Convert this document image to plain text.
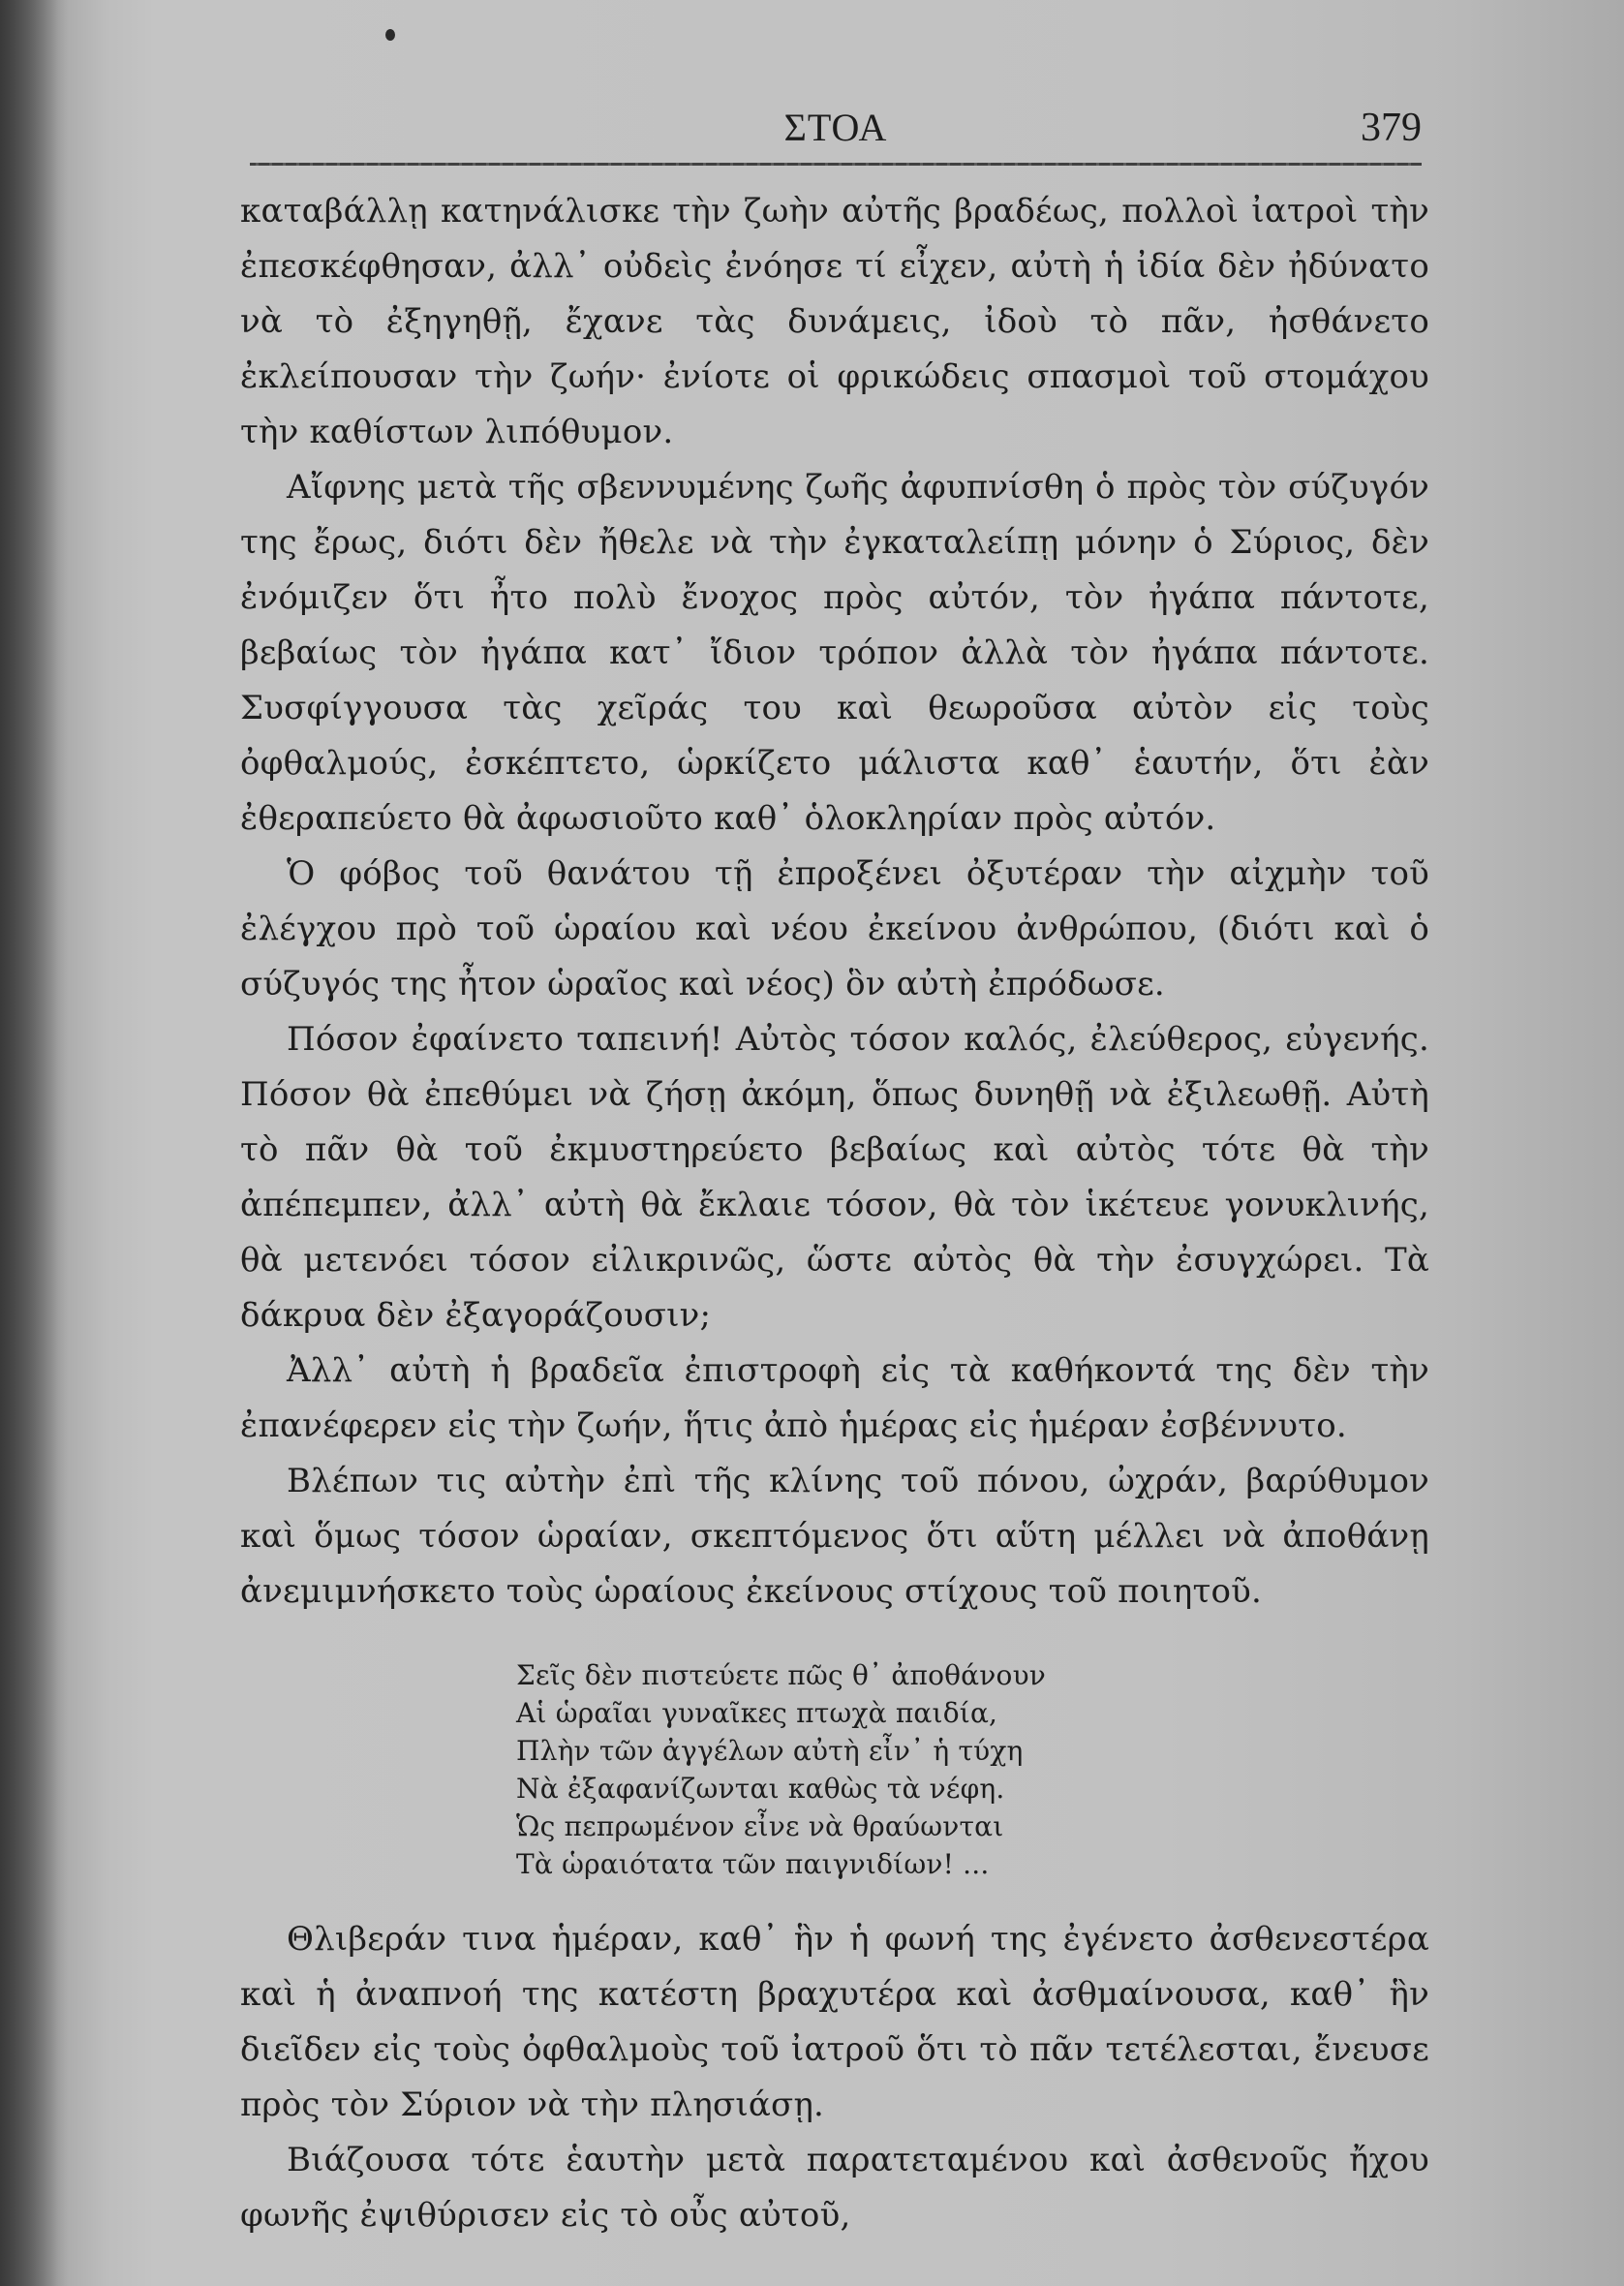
ΣΤΟΑ	379

καταβάλλῃ κατηνάλισκε τὴν ζωὴν αὐτῆς βραδέως, πολλοὶ ἰατροὶ τὴν ἐπεσκέφθησαν, ἀλλ᾽ οὐδεὶς ἐνόησε τί εἶχεν, αὐτὴ ἡ ἰδία δὲν ἠδύνατο νὰ τὸ ἐξηγηθῇ, ἔχανε τὰς δυνάμεις, ἰδοὺ τὸ πᾶν, ἠσθάνετο ἐκλείπουσαν τὴν ζωήν· ἐνίοτε οἱ φρικώδεις σπασμοὶ τοῦ στομάχου τὴν καθίστων λιπόθυμον.

Αἴφνης μετὰ τῆς σβεννυμένης ζωῆς ἀφυπνίσθη ὁ πρὸς τὸν σύζυγόν της ἔρως, διότι δὲν ἤθελε νὰ τὴν ἐγκαταλείπῃ μόνην ὁ Σύριος, δὲν ἐνόμιζεν ὅτι ἦτο πολὺ ἔνοχος πρὸς αὐτόν, τὸν ἠγάπα πάντοτε, βεβαίως τὸν ἠγάπα κατ᾽ ἴδιον τρόπον ἀλλὰ τὸν ἠγάπα πάντοτε. Συσφίγγουσα τὰς χεῖράς του καὶ θεωροῦσα αὐτὸν εἰς τοὺς ὀφθαλμούς, ἐσκέπτετο, ὡρκίζετο μάλιστα καθ᾽ ἑαυτήν, ὅτι ἐὰν ἐθεραπεύετο θὰ ἀφωσιοῦτο καθ᾽ ὁλοκληρίαν πρὸς αὐτόν.

Ὁ φόβος τοῦ θανάτου τῇ ἐπροξένει ὀξυτέραν τὴν αἰχμὴν τοῦ ἐλέγχου πρὸ τοῦ ὡραίου καὶ νέου ἐκείνου ἀνθρώπου, (διότι καὶ ὁ σύζυγός της ἦτον ὡραῖος καὶ νέος) ὃν αὐτὴ ἐπρόδωσε.

Πόσον ἐφαίνετο ταπεινή! Αὐτὸς τόσον καλός, ἐλεύθερος, εὐγενής. Πόσον θὰ ἐπεθύμει νὰ ζήσῃ ἀκόμη, ὅπως δυνηθῇ νὰ ἐξιλεωθῇ. Αὐτὴ τὸ πᾶν θὰ τοῦ ἐκμυστηρεύετο βεβαίως καὶ αὐτὸς τότε θὰ τὴν ἀπέπεμπεν, ἀλλ᾽ αὐτὴ θὰ ἔκλαιε τόσον, θὰ τὸν ἱκέτευε γονυκλινής, θὰ μετενόει τόσον εἰλικρινῶς, ὥστε αὐτὸς θὰ τὴν ἐσυγχώρει. Τὰ δάκρυα δὲν ἐξαγοράζουσιν;

Ἀλλ᾽ αὐτὴ ἡ βραδεῖα ἐπιστροφὴ εἰς τὰ καθήκοντά της δὲν τὴν ἐπανέφερεν εἰς τὴν ζωήν, ἥτις ἀπὸ ἡμέρας εἰς ἡμέραν ἐσβέννυτο.

Βλέπων τις αὐτὴν ἐπὶ τῆς κλίνης τοῦ πόνου, ὠχράν, βαρύθυμον καὶ ὅμως τόσον ὡραίαν, σκεπτόμενος ὅτι αὕτη μέλλει νὰ ἀποθάνῃ ἀνεμιμνήσκετο τοὺς ὡραίους ἐκείνους στίχους τοῦ ποιητοῦ.

Σεῖς δὲν πιστεύετε πῶς θ᾽ ἀποθάνουν
Αἱ ὡραῖαι γυναῖκες πτωχὰ παιδία,
Πλὴν τῶν ἀγγέλων αὐτὴ εἶν᾽ ἡ τύχη
Νὰ ἐξαφανίζωνται καθὼς τὰ νέφη.
Ὡς πεπρωμένον εἶνε νὰ θραύωνται
Τὰ ὡραιότατα τῶν παιγνιδίων! ...

Θλιβεράν τινα ἡμέραν, καθ᾽ ἣν ἡ φωνή της ἐγένετο ἀσθενεστέρα καὶ ἡ ἀναπνοή της κατέστη βραχυτέρα καὶ ἀσθμαίνουσα, καθ᾽ ἣν διεῖδεν εἰς τοὺς ὀφθαλμοὺς τοῦ ἰατροῦ ὅτι τὸ πᾶν τετέλεσται, ἔνευσε πρὸς τὸν Σύριον νὰ τὴν πλησιάσῃ.

Βιάζουσα τότε ἑαυτὴν μετὰ παρατεταμένου καὶ ἀσθενοῦς ἤχου φωνῆς ἐψιθύρισεν εἰς τὸ οὖς αὐτοῦ,
